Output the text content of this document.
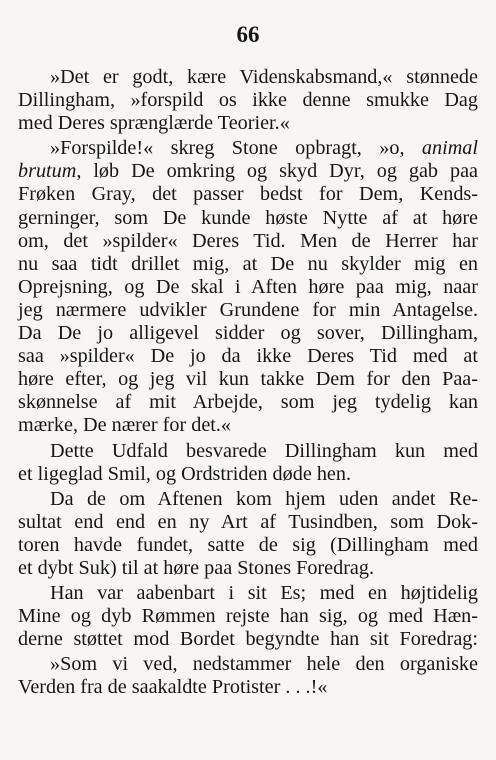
66
»Det er godt, kære Videnskabsmand,« stønnede
Dillingham, »forspild os ikke denne smukke Dag
med Deres sprænglærde Teorier.«
»Forspilde!« skreg Stone opbragt, »o, animal
brutum, løb De omkring og skyd Dyr, og gab paa
Frøken Gray, det passer bedst for Dem, Kends-
gerninger, som De kunde høste Nytte af at høre
om, det »spilder« Deres Tid. Men de Herrer har
nu saa tidt drillet mig, at De nu skylder mig en
Oprejsning, og De skal i Aften høre paa mig, naar
jeg nærmere udvikler Grundene for min Antagelse.
Da De jo alligevel sidder og sover, Dillingham,
saa »spilder« De jo da ikke Deres Tid med at
høre efter, og jeg vil kun takke Dem for den Paa-
skønnelse af mit Arbejde, som jeg tydelig kan
mærke, De nærer for det.«
Dette Udfald besvarede Dillingham kun med
et ligeglad Smil, og Ordstriden døde hen.
Da de om Aftenen kom hjem uden andet Re-
sultat end end en ny Art af Tusindben, som Dok-
toren havde fundet, satte de sig (Dillingham med
et dybt Suk) til at høre paa Stones Foredrag.
Han var aabenbart i sit Es; med en højtidelig
Mine og dyb Rømmen rejste han sig, og med Hæn-
derne støttet mod Bordet begyndte han sit Foredrag:
»Som vi ved, nedstammer hele den organiske
Verden fra de saakaldte Protister . . .!«
